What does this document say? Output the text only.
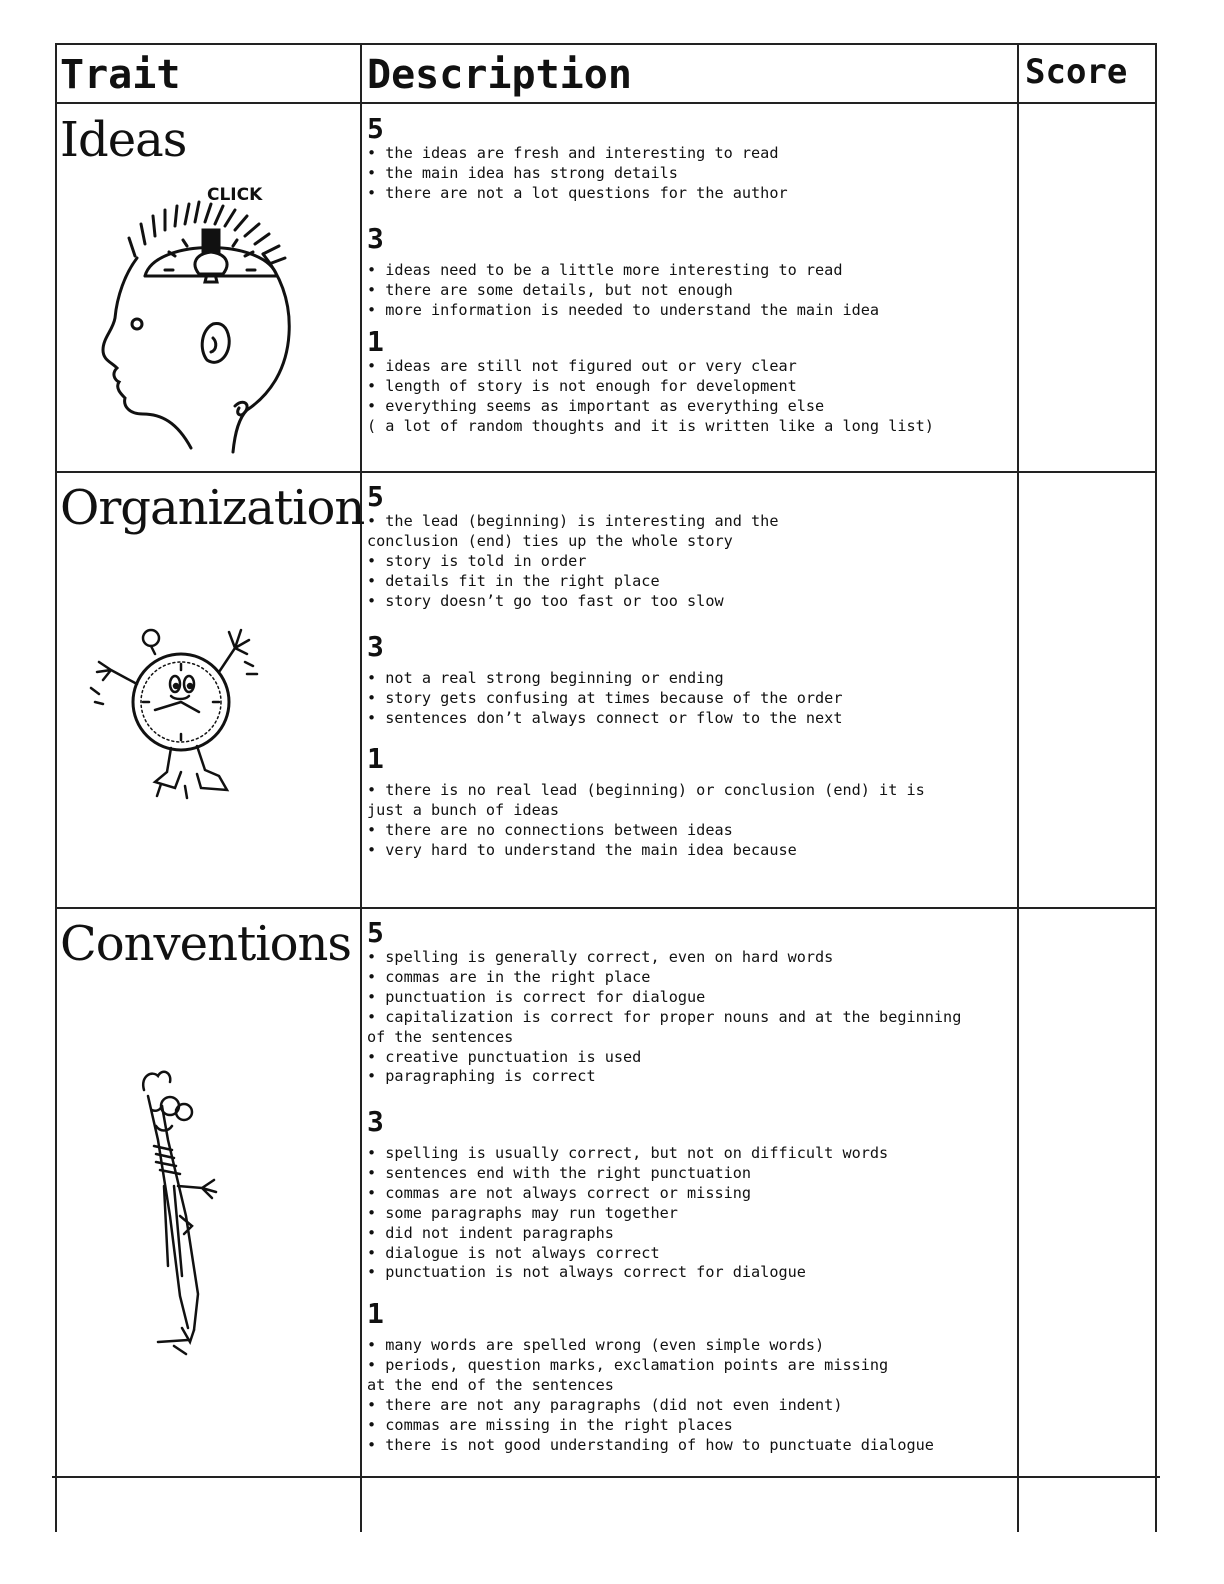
Trait	Description	Score
Ideas
CLICK
5
• the ideas are fresh and interesting to read
• the main idea has strong details
• there are not a lot questions for the author
3
• ideas need to be a little more interesting to read
• there are some details, but not enough
• more information is needed to understand the main idea
1
• ideas are still not figured out or very clear
• length of story is not enough for development
• everything seems as important as everything else
( a lot of random thoughts and it is written like a long list)
Organization 5
• the lead (beginning) is interesting and the
conclusion (end) ties up the whole story
• story is told in order
• details fit in the right place
• story doesn’t go too fast or too slow
3
• not a real strong beginning or ending
• story gets confusing at times because of the order
• sentences don’t always connect or flow to the next
1
• there is no real lead (beginning) or conclusion (end) it is
just a bunch of ideas
• there are no connections between ideas
• very hard to understand the main idea because
Conventions 5
• spelling is generally correct, even on hard words
• commas are in the right place
• punctuation is correct for dialogue
• capitalization is correct for proper nouns and at the beginning
of the sentences
• creative punctuation is used
• paragraphing is correct
3
• spelling is usually correct, but not on difficult words
• sentences end with the right punctuation
• commas are not always correct or missing
• some paragraphs may run together
• did not indent paragraphs
• dialogue is not always correct
• punctuation is not always correct for dialogue
1
• many words are spelled wrong (even simple words)
• periods, question marks, exclamation points are missing
at the end of the sentences
• there are not any paragraphs (did not even indent)
• commas are missing in the right places
• there is not good understanding of how to punctuate dialogue
